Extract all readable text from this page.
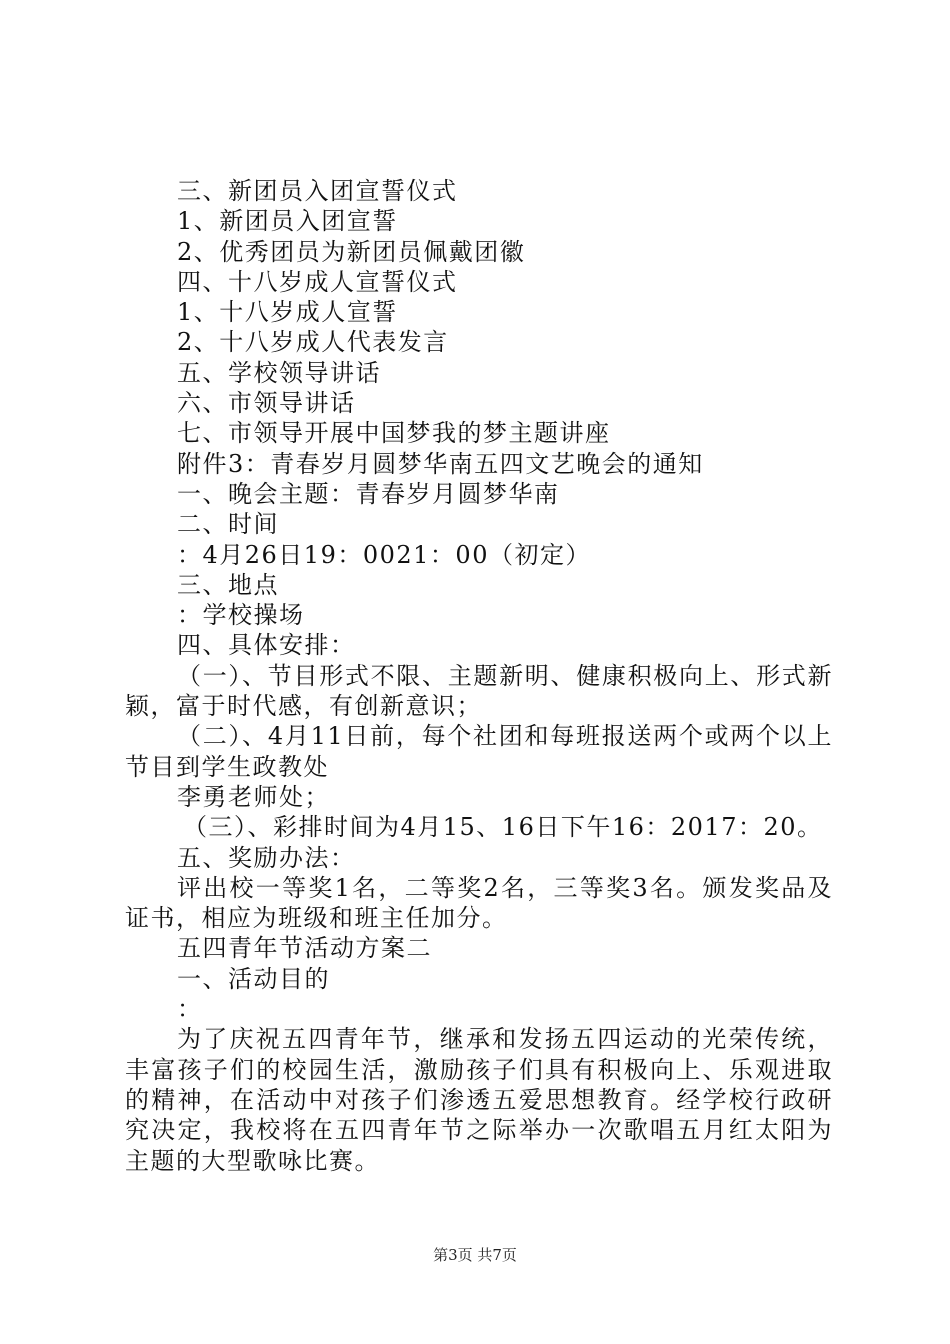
三、新团员入团宣誓仪式
1、新团员入团宣誓
2、优秀团员为新团员佩戴团徽
四、十八岁成人宣誓仪式
1、十八岁成人宣誓
2、十八岁成人代表发言
五、学校领导讲话
六、市领导讲话
七、市领导开展中国梦我的梦主题讲座
附件3：青春岁月圆梦华南五四文艺晚会的通知
一、晚会主题：青春岁月圆梦华南
二、时间
：4月26日19：0021：00（初定）
三、地点
：学校操场
四、具体安排：
（一）、节目形式不限、主题新明、健康积极向上、形式新颖，富于时代感，有创新意识；
（二）、4月11日前，每个社团和每班报送两个或两个以上节目到学生政教处
李勇老师处；
（三）、彩排时间为4月15、16日下午16：2017：20。
五、奖励办法：
评出校一等奖1名，二等奖2名，三等奖3名。颁发奖品及证书，相应为班级和班主任加分。
五四青年节活动方案二
一、活动目的
：
为了庆祝五四青年节，继承和发扬五四运动的光荣传统，丰富孩子们的校园生活，激励孩子们具有积极向上、乐观进取的精神，在活动中对孩子们渗透五爱思想教育。经学校行政研究决定，我校将在五四青年节之际举办一次歌唱五月红太阳为主题的大型歌咏比赛。
第3页 共7页
